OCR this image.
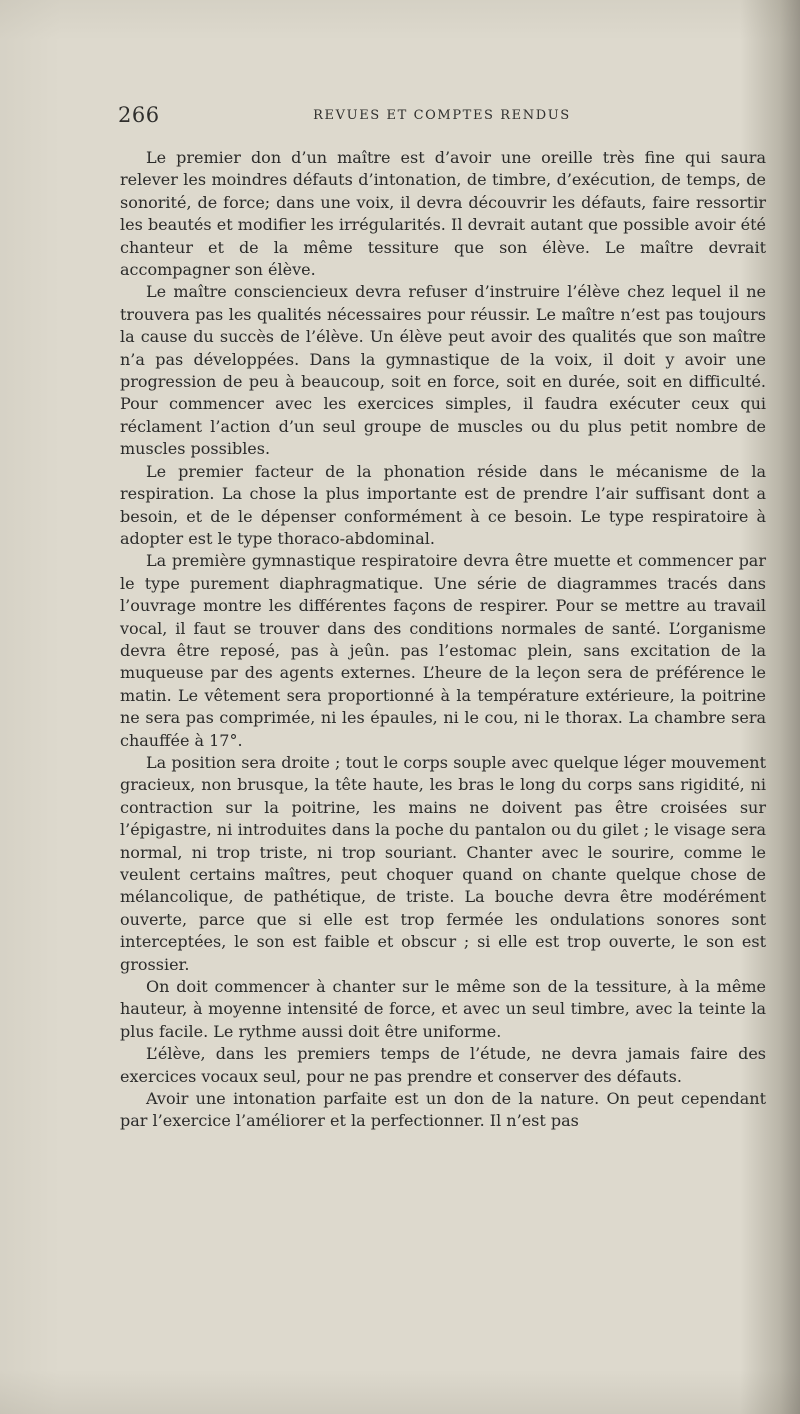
266	REVUES ET COMPTES RENDUS

Le premier don d’un maître est d’avoir une oreille très fine qui saura relever les moindres défauts d’intonation, de timbre, d’exécution, de temps, de sonorité, de force; dans une voix, il devra découvrir les défauts, faire ressortir les beautés et modifier les irrégularités. Il devrait autant que possible avoir été chanteur et de la même tessiture que son élève. Le maître devrait accompagner son élève.

Le maître consciencieux devra refuser d’instruire l’élève chez lequel il ne trouvera pas les qualités nécessaires pour réussir. Le maître n’est pas toujours la cause du succès de l’élève. Un élève peut avoir des qualités que son maître n’a pas développées. Dans la gymnastique de la voix, il doit y avoir une progression de peu à beaucoup, soit en force, soit en durée, soit en difficulté. Pour commencer avec les exercices simples, il faudra exécuter ceux qui réclament l’action d’un seul groupe de muscles ou du plus petit nombre de muscles possibles.

Le premier facteur de la phonation réside dans le mécanisme de la respiration. La chose la plus importante est de prendre l’air suffisant dont a besoin, et de le dépenser conformément à ce besoin. Le type respiratoire à adopter est le type thoraco-abdominal.

La première gymnastique respiratoire devra être muette et commencer par le type purement diaphragmatique. Une série de diagrammes tracés dans l’ouvrage montre les différentes façons de respirer. Pour se mettre au travail vocal, il faut se trouver dans des conditions normales de santé. L’organisme devra être reposé, pas à jeûn. pas l’estomac plein, sans excitation de la muqueuse par des agents externes. L’heure de la leçon sera de préférence le matin. Le vêtement sera proportionné à la température extérieure, la poitrine ne sera pas comprimée, ni les épaules, ni le cou, ni le thorax. La chambre sera chauffée à 17°.

La position sera droite ; tout le corps souple avec quelque léger mouvement gracieux, non brusque, la tête haute, les bras le long du corps sans rigidité, ni contraction sur la poitrine, les mains ne doivent pas être croisées sur l’épigastre, ni introduites dans la poche du pantalon ou du gilet ; le visage sera normal, ni trop triste, ni trop souriant. Chanter avec le sourire, comme le veulent certains maîtres, peut choquer quand on chante quelque chose de mélancolique, de pathétique, de triste. La bouche devra être modérément ouverte, parce que si elle est trop fermée les ondulations sonores sont interceptées, le son est faible et obscur ; si elle est trop ouverte, le son est grossier.

On doit commencer à chanter sur le même son de la tessiture, à la même hauteur, à moyenne intensité de force, et avec un seul timbre, avec la teinte la plus facile. Le rythme aussi doit être uniforme.

L’élève, dans les premiers temps de l’étude, ne devra jamais faire des exercices vocaux seul, pour ne pas prendre et conserver des défauts.

Avoir une intonation parfaite est un don de la nature. On peut cependant par l’exercice l’améliorer et la perfectionner. Il n’est pas
